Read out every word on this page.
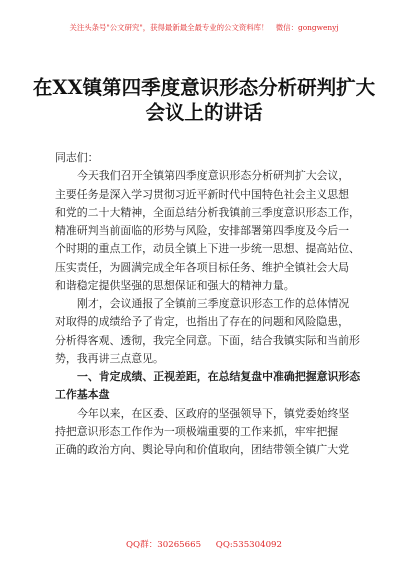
关注头条号"公文研究"，获得最新最全最专业的公文资料库！　微信：gongwenyj
在XX镇第四季度意识形态分析研判扩大
会议上的讲话

同志们：

今天我们召开全镇第四季度意识形态分析研判扩大会议，

主要任务是深入学习贯彻习近平新时代中国特色社会主义思想

和党的二十大精神，全面总结分析我镇前三季度意识形态工作，

精准研判当前面临的形势与风险，安排部署第四季度及今后一

个时期的重点工作，动员全镇上下进一步统一思想、提高站位、

压实责任，为圆满完成全年各项目标任务、维护全镇社会大局

和谐稳定提供坚强的思想保证和强大的精神力量。

刚才，会议通报了全镇前三季度意识形态工作的总体情况

对取得的成绩给予了肯定，也指出了存在的问题和风险隐患，

分析得客观、透彻，我完全同意。下面，结合我镇实际和当前形

势，我再讲三点意见。

一、肯定成绩、正视差距，在总结复盘中准确把握意识形态

工作基本盘

今年以来，在区委、区政府的坚强领导下，镇党委始终坚

持把意识形态工作作为一项极端重要的工作来抓，牢牢把握

正确的政治方向、舆论导向和价值取向，团结带领全镇广大党

QQ群：30265665 QQ:535304092
